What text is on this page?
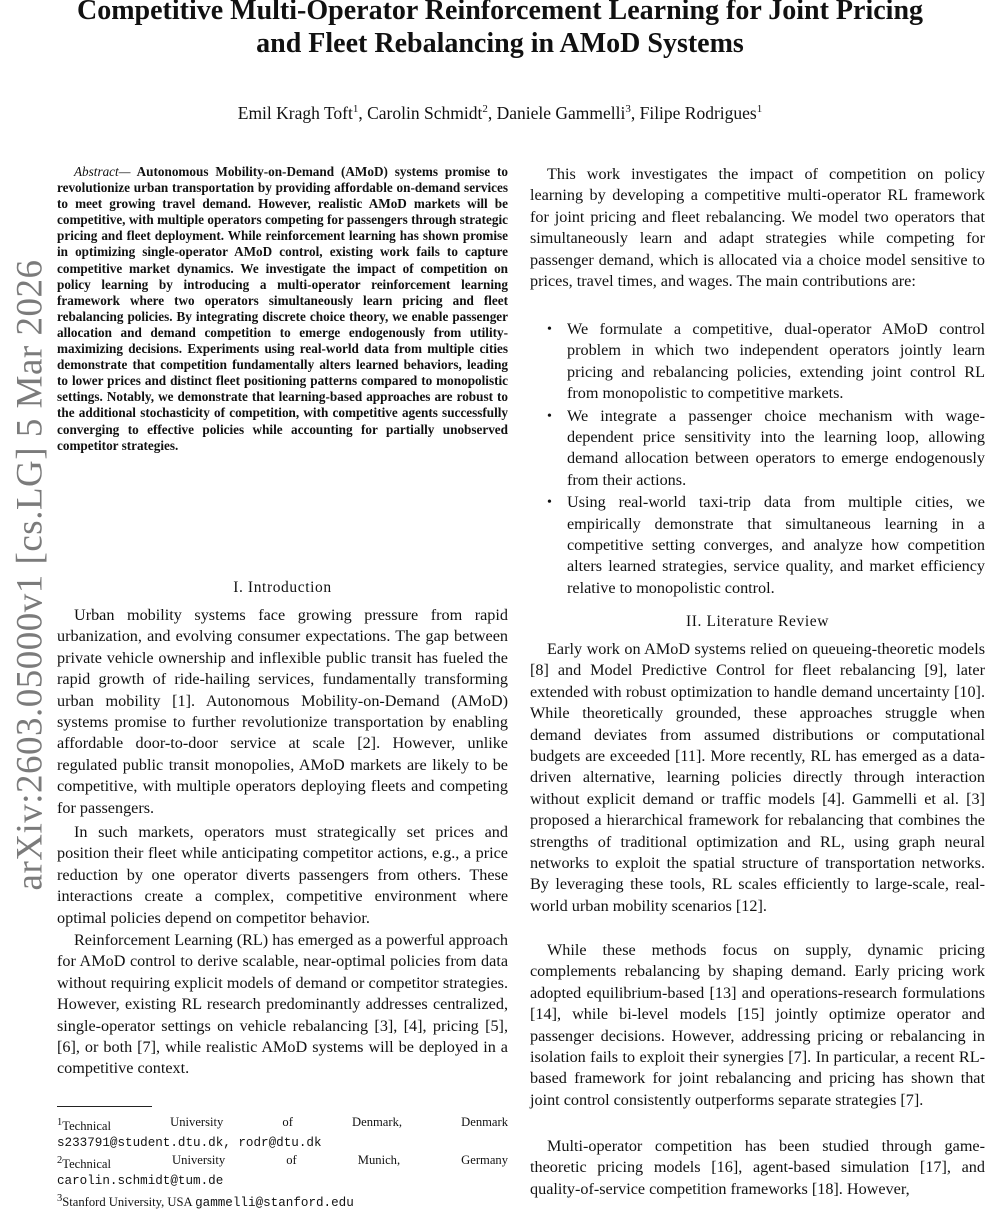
Competitive Multi-Operator Reinforcement Learning for Joint Pricing and Fleet Rebalancing in AMoD Systems
Emil Kragh Toft$^1$, Carolin Schmidt$^2$, Daniele Gammelli$^3$, Filipe Rodrigues$^1$
arXiv:2603.05000v1 [cs.LG] 5 Mar 2026

Abstract— Autonomous Mobility-on-Demand (AMoD) systems promise to revolutionize urban transportation by providing affordable on-demand services to meet growing travel demand. However, realistic AMoD markets will be competitive, with multiple operators competing for passengers through strategic pricing and fleet deployment. While reinforcement learning has shown promise in optimizing single-operator AMoD control, existing work fails to capture competitive market dynamics. We investigate the impact of competition on policy learning by introducing a multi-operator reinforcement learning framework where two operators simultaneously learn pricing and fleet rebalancing policies. By integrating discrete choice theory, we enable passenger allocation and demand competition to emerge endogenously from utility-maximizing decisions. Experiments using real-world data from multiple cities demonstrate that competition fundamentally alters learned behaviors, leading to lower prices and distinct fleet positioning patterns compared to monopolistic settings. Notably, we demonstrate that learning-based approaches are robust to the additional stochasticity of competition, with competitive agents successfully converging to effective policies while accounting for partially unobserved competitor strategies.

I. Introduction

Urban mobility systems face growing pressure from rapid urbanization, and evolving consumer expectations. The gap between private vehicle ownership and inflexible public transit has fueled the rapid growth of ride-hailing services, fundamentally transforming urban mobility [1]. Autonomous Mobility-on-Demand (AMoD) systems promise to further revolutionize transportation by enabling affordable door-to-door service at scale [2]. However, unlike regulated public transit monopolies, AMoD markets are likely to be competitive, with multiple operators deploying fleets and competing for passengers.

In such markets, operators must strategically set prices and position their fleet while anticipating competitor actions, e.g., a price reduction by one operator diverts passengers from others. These interactions create a complex, competitive environment where optimal policies depend on competitor behavior.

Reinforcement Learning (RL) has emerged as a powerful approach for AMoD control to derive scalable, near-optimal policies from data without requiring explicit models of demand or competitor strategies. However, existing RL research predominantly addresses centralized, single-operator settings on vehicle rebalancing [3], [4], pricing [5], [6], or both [7], while realistic AMoD systems will be deployed in a competitive context.

$^1$Technical	University	of	Denmark,	Denmark
s233791@student.dtu.dk, rodr@dtu.dk
$^2$Technical	University	of	Munich,	Germany
carolin.schmidt@tum.de
$^3$Stanford University, USA gammelli@stanford.edu

This work investigates the impact of competition on policy learning by developing a competitive multi-operator RL framework for joint pricing and fleet rebalancing. We model two operators that simultaneously learn and adapt strategies while competing for passenger demand, which is allocated via a choice model sensitive to prices, travel times, and wages. The main contributions are:

• We formulate a competitive, dual-operator AMoD control problem in which two independent operators jointly learn pricing and rebalancing policies, extending joint control RL from monopolistic to competitive markets.
• We integrate a passenger choice mechanism with wage-dependent price sensitivity into the learning loop, allowing demand allocation between operators to emerge endogenously from their actions.
• Using real-world taxi-trip data from multiple cities, we empirically demonstrate that simultaneous learning in a competitive setting converges, and analyze how competition alters learned strategies, service quality, and market efficiency relative to monopolistic control.
II. Literature Review

Early work on AMoD systems relied on queueing-theoretic models [8] and Model Predictive Control for fleet rebalancing [9], later extended with robust optimization to handle demand uncertainty [10]. While theoretically grounded, these approaches struggle when demand deviates from assumed distributions or computational budgets are exceeded [11]. More recently, RL has emerged as a data-driven alternative, learning policies directly through interaction without explicit demand or traffic models [4]. Gammelli et al. [3] proposed a hierarchical framework for rebalancing that combines the strengths of traditional optimization and RL, using graph neural networks to exploit the spatial structure of transportation networks. By leveraging these tools, RL scales efficiently to large-scale, real-world urban mobility scenarios [12].

While these methods focus on supply, dynamic pricing complements rebalancing by shaping demand. Early pricing work adopted equilibrium-based [13] and operations-research formulations [14], while bi-level models [15] jointly optimize operator and passenger decisions. However, addressing pricing or rebalancing in isolation fails to exploit their synergies [7]. In particular, a recent RL-based framework for joint rebalancing and pricing has shown that joint control consistently outperforms separate strategies [7].

Multi-operator competition has been studied through game-theoretic pricing models [16], agent-based simulation [17], and quality-of-service competition frameworks [18]. However,
